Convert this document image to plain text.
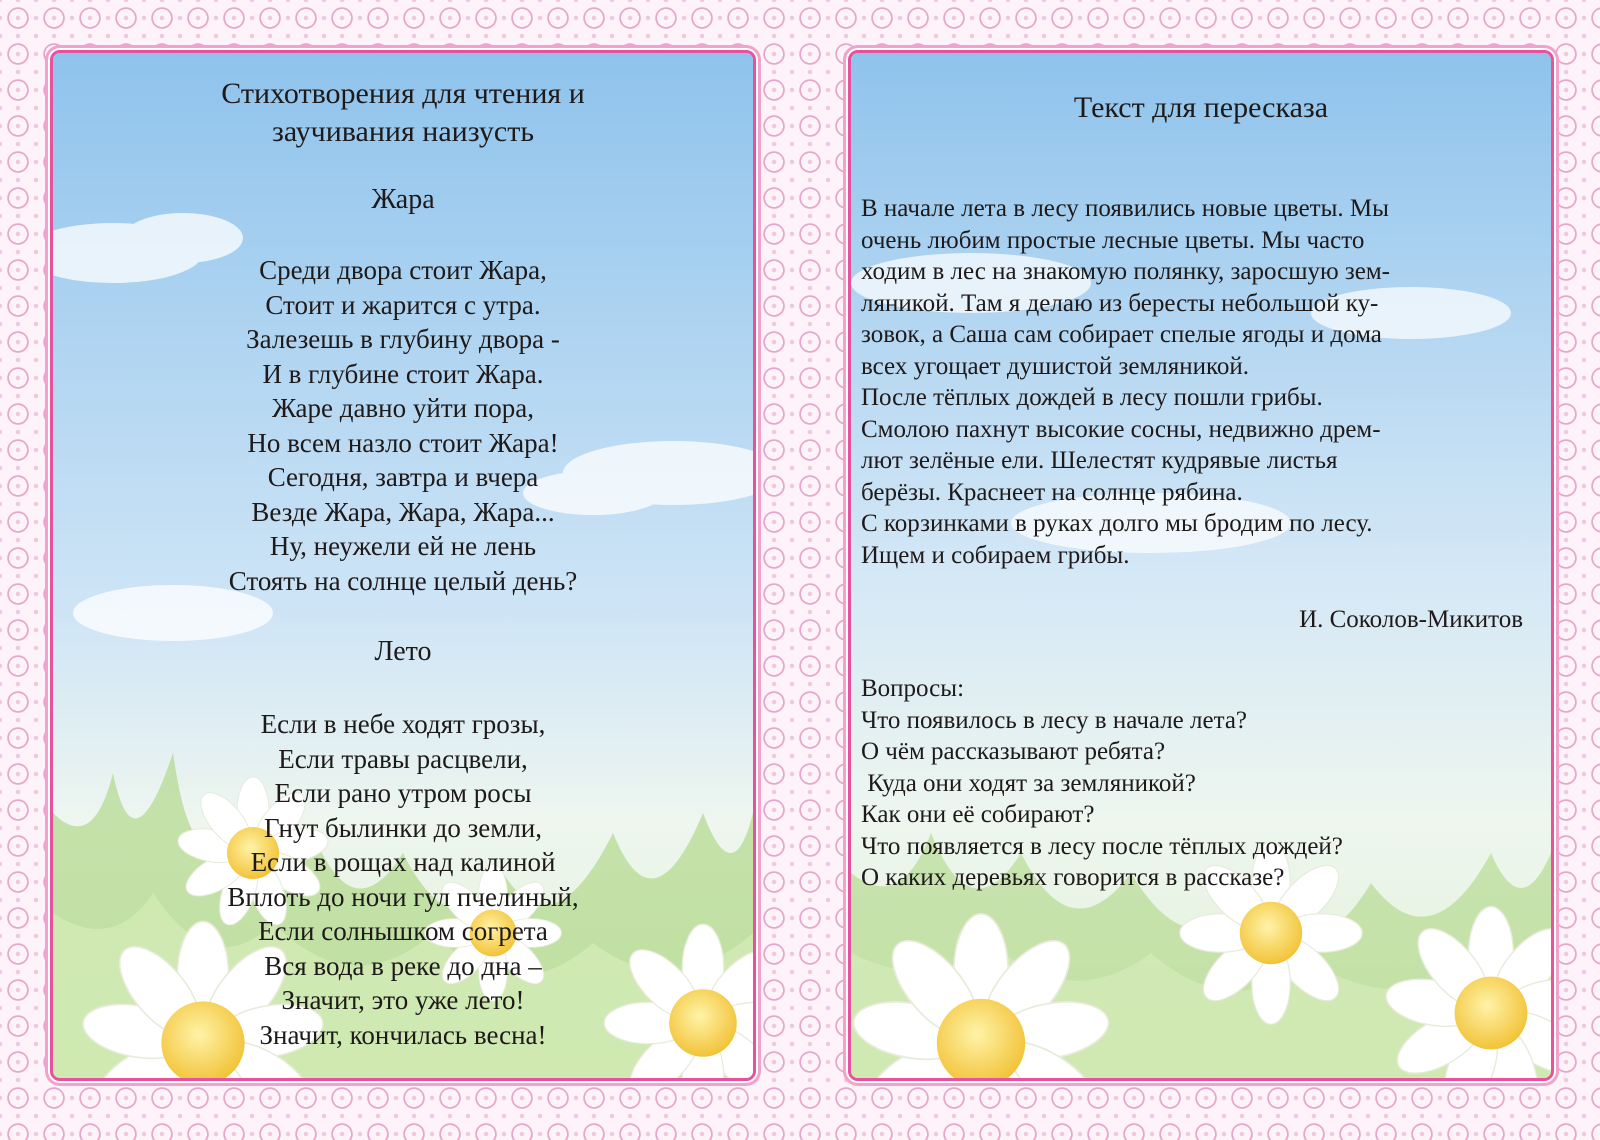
Стихотворения для чтения и

заучивания наизусть

Жара

Среди двора стоит Жара,
Стоит и жарится с утра.
Залезешь в глубину двора -
И в глубине стоит Жара.
Жаре давно уйти пора,
Но всем назло стоит Жара!
Сегодня, завтра и вчера
Везде Жара, Жара, Жара...
Ну, неужели ей не лень
Стоять на солнце целый день?

Лето

Если в небе ходят грозы,
Если травы расцвели,
Если рано утром росы
Гнут былинки до земли,
Если в рощах над калиной
Вплоть до ночи гул пчелиный,
Если солнышком согрета
Вся вода в реке до дна –
Значит, это уже лето!
Значит, кончилась весна!

Текст для пересказа

В начале лета в лесу появились новые цветы. Мы
очень любим простые лесные цветы. Мы часто
ходим в лес на знакомую полянку, заросшую зем-
ляникой. Там я делаю из бересты небольшой ку-
зовок, а Саша сам собирает спелые ягоды и дома
всех угощает душистой земляникой.
После тёплых дождей в лесу пошли грибы.
Смолою пахнут высокие сосны, недвижно дрем-
лют зелёные ели. Шелестят кудрявые листья
берёзы. Краснеет на солнце рябина.
С корзинками в руках долго мы бродим по лесу.
Ищем и собираем грибы.
И. Соколов-Микитов
Вопросы:
Что появилось в лесу в начале лета?
О чём рассказывают ребята?
Куда они ходят за земляникой?
Как они её собирают?
Что появляется в лесу после тёплых дождей?
О каких деревьях говорится в рассказе?
